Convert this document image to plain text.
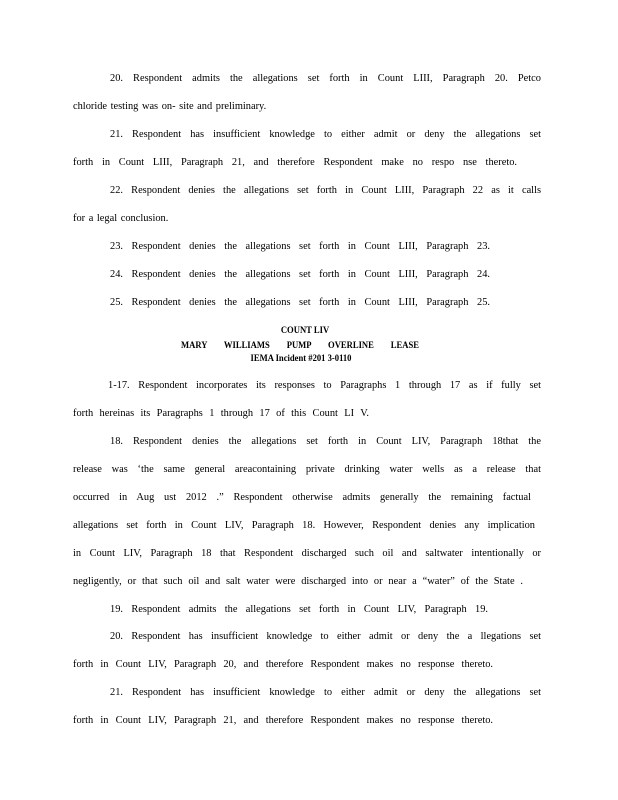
20. Respondent admits the allegations set forth in Count LIII, Paragraph 20. Petco
chloride testing was on- site and preliminary.
21. Respondent has insufficient knowledge to either admit or deny the allegations set
forth in Count LIII, Paragraph 21, and therefore Respondent make no respo nse thereto.
22. Respondent denies the allegations set forth in Count LIII, Paragraph 22 as it calls
for a legal conclusion.
23. Respondent denies the allegations set forth in Count LIII, Paragraph 23.
24. Respondent denies the allegations set forth in Count LIII, Paragraph 24.
25. Respondent denies the allegations set forth in Count LIII, Paragraph 25.
COUNT LIV
MARY WILLIAMS PUMP OVERLINE LEASE
IEMA Incident #201 3-0110
1-17. Respondent incorporates its responses to Paragraphs 1 through 17 as if fully set
forth hereinas its Paragraphs 1 through 17 of this Count LI V.
18. Respondent denies the allegations set forth in Count LIV, Paragraph 18that the
release was ‘the same general areacontaining private drinking water wells as a release that
occurred in Aug ust 2012 .” Respondent otherwise admits generally the remaining factual
allegations set forth in Count LIV, Paragraph 18. However, Respondent denies any implication
in Count LIV, Paragraph 18 that Respondent discharged such oil and saltwater intentionally or
negligently, or that such oil and salt water were discharged into or near a “water” of the State .
19. Respondent admits the allegations set forth in Count LIV, Paragraph 19.
20. Respondent has insufficient knowledge to either admit or deny the a llegations set
forth in Count LIV, Paragraph 20, and therefore Respondent makes no response thereto.
21. Respondent has insufficient knowledge to either admit or deny the allegations set
forth in Count LIV, Paragraph 21, and therefore Respondent makes no response thereto.
